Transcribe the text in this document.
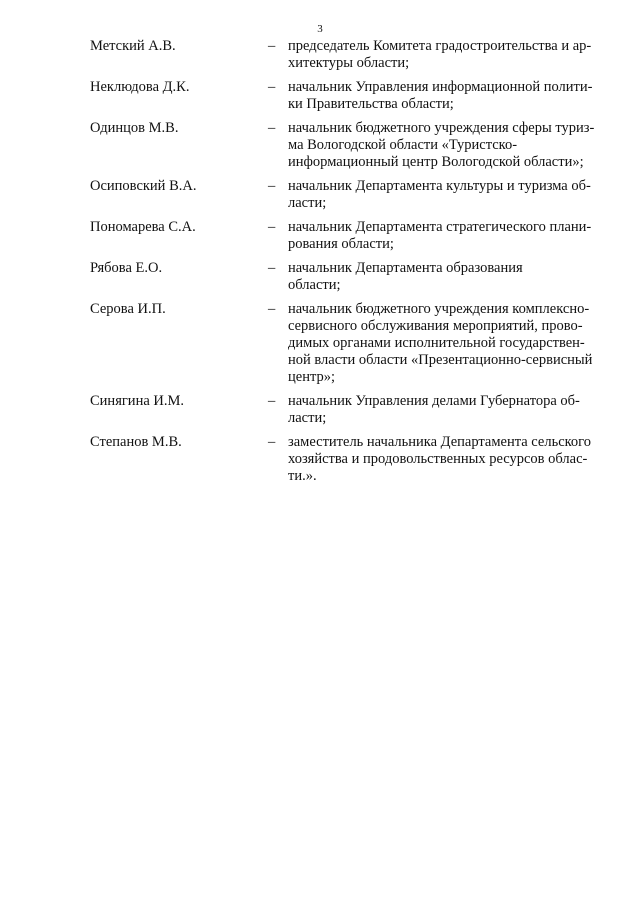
3
Метский А.В.	– председатель Комитета градостроительства и ар-
хитектуры области;
Неклюдова Д.К.	– начальник Управления информационной полити-
ки Правительства области;
Одинцов М.В.	– начальник бюджетного учреждения сферы туриз-
ма Вологодской области «Туристско-
информационный центр Вологодской области»;
Осиповский В.А.	– начальник Департамента культуры и туризма об-
ласти;
Пономарева С.А.	– начальник Департамента стратегического плани-
рования области;
Рябова Е.О.	– начальник Департамента образования
области;
Серова И.П.	– начальник бюджетного учреждения комплексно-
сервисного обслуживания мероприятий, прово-
димых органами исполнительной государствен-
ной власти области «Презентационно-сервисный
центр»;
Синягина И.М.	– начальник Управления делами Губернатора об-
ласти;
Степанов М.В.	– заместитель начальника Департамента сельского
хозяйства и продовольственных ресурсов облас-
ти.».
